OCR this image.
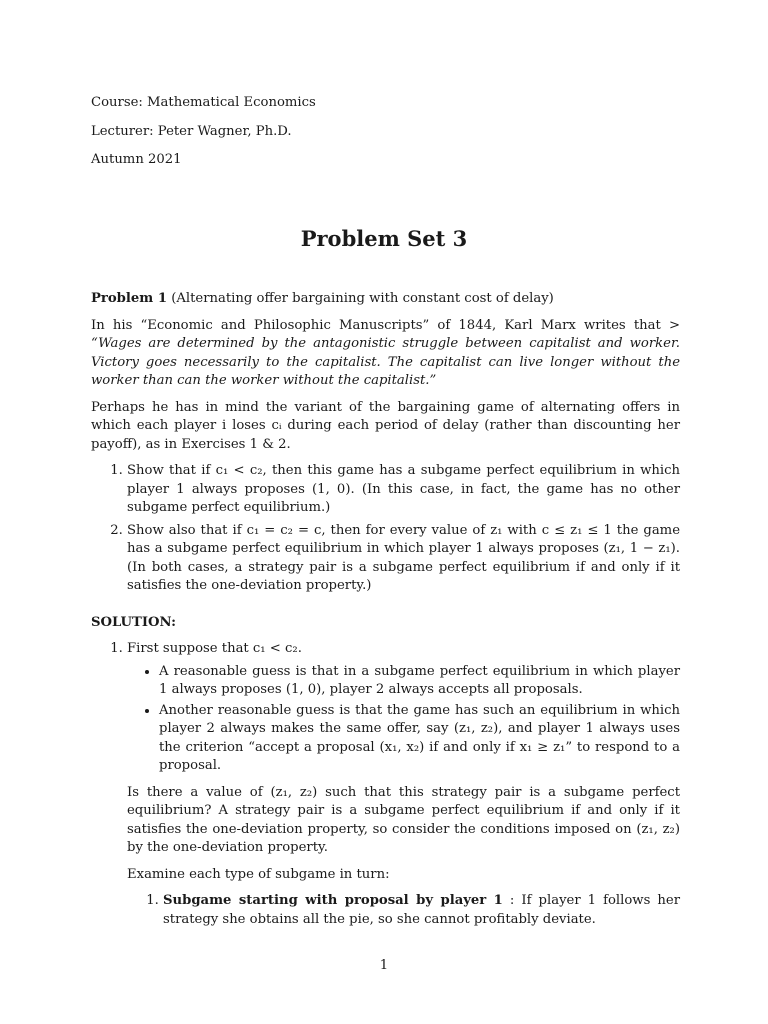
Course: Mathematical Economics

Lecturer: Peter Wagner, Ph.D.

Autumn 2021

Problem Set 3

Problem 1 (Alternating offer bargaining with constant cost of delay)

In his “Economic and Philosophic Manuscripts” of 1844, Karl Marx writes that > “Wages are determined by the antagonistic struggle between capitalist and worker. Victory goes necessarily to the capitalist. The capitalist can live longer without the worker than can the worker without the capitalist.”

Perhaps he has in mind the variant of the bargaining game of alternating offers in which each player i loses cᵢ during each period of delay (rather than discounting her payoff), as in Exercises 1 & 2.

1. Show that if c₁ < c₂, then this game has a subgame perfect equilibrium in which player 1 always proposes (1, 0). (In this case, in fact, the game has no other subgame perfect equilibrium.)
2. Show also that if c₁ = c₂ = c, then for every value of z₁ with c ≤ z₁ ≤ 1 the game has a subgame perfect equilibrium in which player 1 always proposes (z₁, 1 − z₁). (In both cases, a strategy pair is a subgame perfect equilibrium if and only if it satisfies the one-deviation property.)

SOLUTION:

1. First suppose that c₁ < c₂.
• A reasonable guess is that in a subgame perfect equilibrium in which player 1 always proposes (1, 0), player 2 always accepts all proposals.
• Another reasonable guess is that the game has such an equilibrium in which player 2 always makes the same offer, say (z₁, z₂), and player 1 always uses the criterion “accept a proposal (x₁, x₂) if and only if x₁ ≥ z₁” to respond to a proposal.

Is there a value of (z₁, z₂) such that this strategy pair is a subgame perfect equilibrium? A strategy pair is a subgame perfect equilibrium if and only if it satisfies the one-deviation property, so consider the conditions imposed on (z₁, z₂) by the one-deviation property.

Examine each type of subgame in turn:

1. Subgame starting with proposal by player 1 : If player 1 follows her strategy she obtains all the pie, so she cannot profitably deviate.
1
